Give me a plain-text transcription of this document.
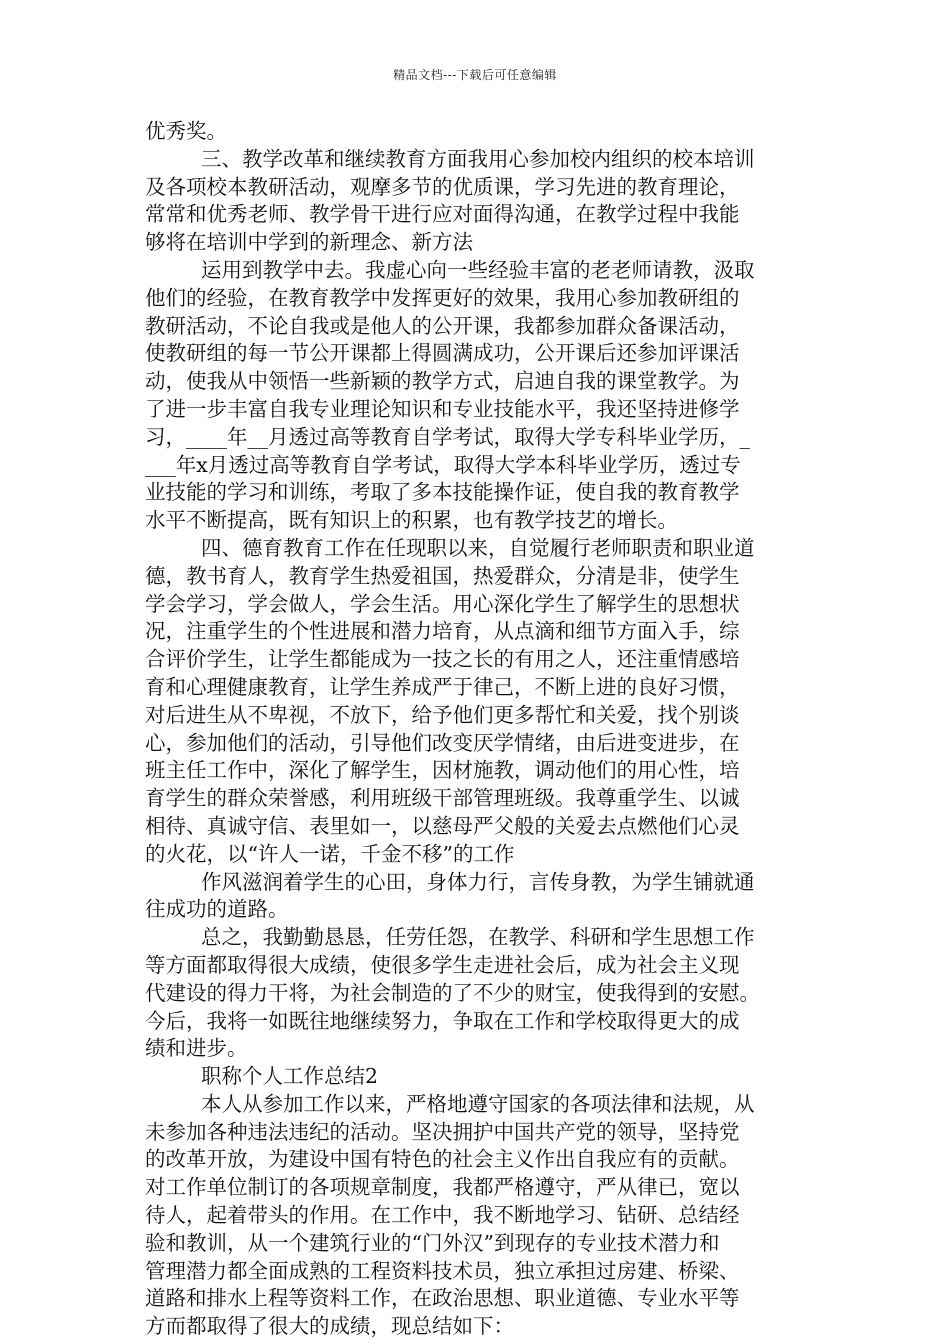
精品文档---下载后可任意编辑
优秀奖。
三、教学改革和继续教育方面我用心参加校内组织的校本培训
及各项校本教研活动，观摩多节的优质课，学习先进的教育理论，
常常和优秀老师、教学骨干进行应对面得沟通，在教学过程中我能
够将在培训中学到的新理念、新方法
运用到教学中去。我虚心向一些经验丰富的老老师请教，汲取
他们的经验，在教育教学中发挥更好的效果，我用心参加教研组的
教研活动，不论自我或是他人的公开课，我都参加群众备课活动，
使教研组的每一节公开课都上得圆满成功，公开课后还参加评课活
动，使我从中领悟一些新颖的教学方式，启迪自我的课堂教学。为
了进一步丰富自我专业理论知识和专业技能水平，我还坚持进修学
习，____年__月透过高等教育自学考试，取得大学专科毕业学历，_
___年x月透过高等教育自学考试，取得大学本科毕业学历，透过专
业技能的学习和训练，考取了多本技能操作证，使自我的教育教学
水平不断提高，既有知识上的积累，也有教学技艺的增长。
四、德育教育工作在任现职以来，自觉履行老师职责和职业道
德，教书育人，教育学生热爱祖国，热爱群众，分清是非，使学生
学会学习，学会做人，学会生活。用心深化学生了解学生的思想状
况，注重学生的个性进展和潜力培育，从点滴和细节方面入手，综
合评价学生，让学生都能成为一技之长的有用之人，还注重情感培
育和心理健康教育，让学生养成严于律己，不断上进的良好习惯，
对后进生从不卑视，不放下，给予他们更多帮忙和关爱，找个别谈
心，参加他们的活动，引导他们改变厌学情绪，由后进变进步，在
班主任工作中，深化了解学生，因材施教，调动他们的用心性，培
育学生的群众荣誉感，利用班级干部管理班级。我尊重学生、以诚
相待、真诚守信、表里如一，以慈母严父般的关爱去点燃他们心灵
的火花，以“许人一诺，千金不移”的工作
作风滋润着学生的心田，身体力行，言传身教，为学生铺就通
往成功的道路。
总之，我勤勤恳恳，任劳任怨，在教学、科研和学生思想工作
等方面都取得很大成绩，使很多学生走进社会后，成为社会主义现
代建设的得力干将，为社会制造的了不少的财宝，使我得到的安慰。
今后，我将一如既往地继续努力，争取在工作和学校取得更大的成
绩和进步。
职称个人工作总结2
本人从参加工作以来，严格地遵守国家的各项法律和法规，从
未参加各种违法违纪的活动。坚决拥护中国共产党的领导，坚持党
的改革开放，为建设中国有特色的社会主义作出自我应有的贡献。
对工作单位制订的各项规章制度，我都严格遵守，严从律已，宽以
待人，起着带头的作用。在工作中，我不断地学习、钻研、总结经
验和教训，从一个建筑行业的“门外汉”到现存的专业技术潜力和
管理潜力都全面成熟的工程资料技术员，独立承担过房建、桥梁、
道路和排水上程等资料工作，在政治思想、职业道德、专业水平等
方而都取得了很大的成绩，现总结如下：
